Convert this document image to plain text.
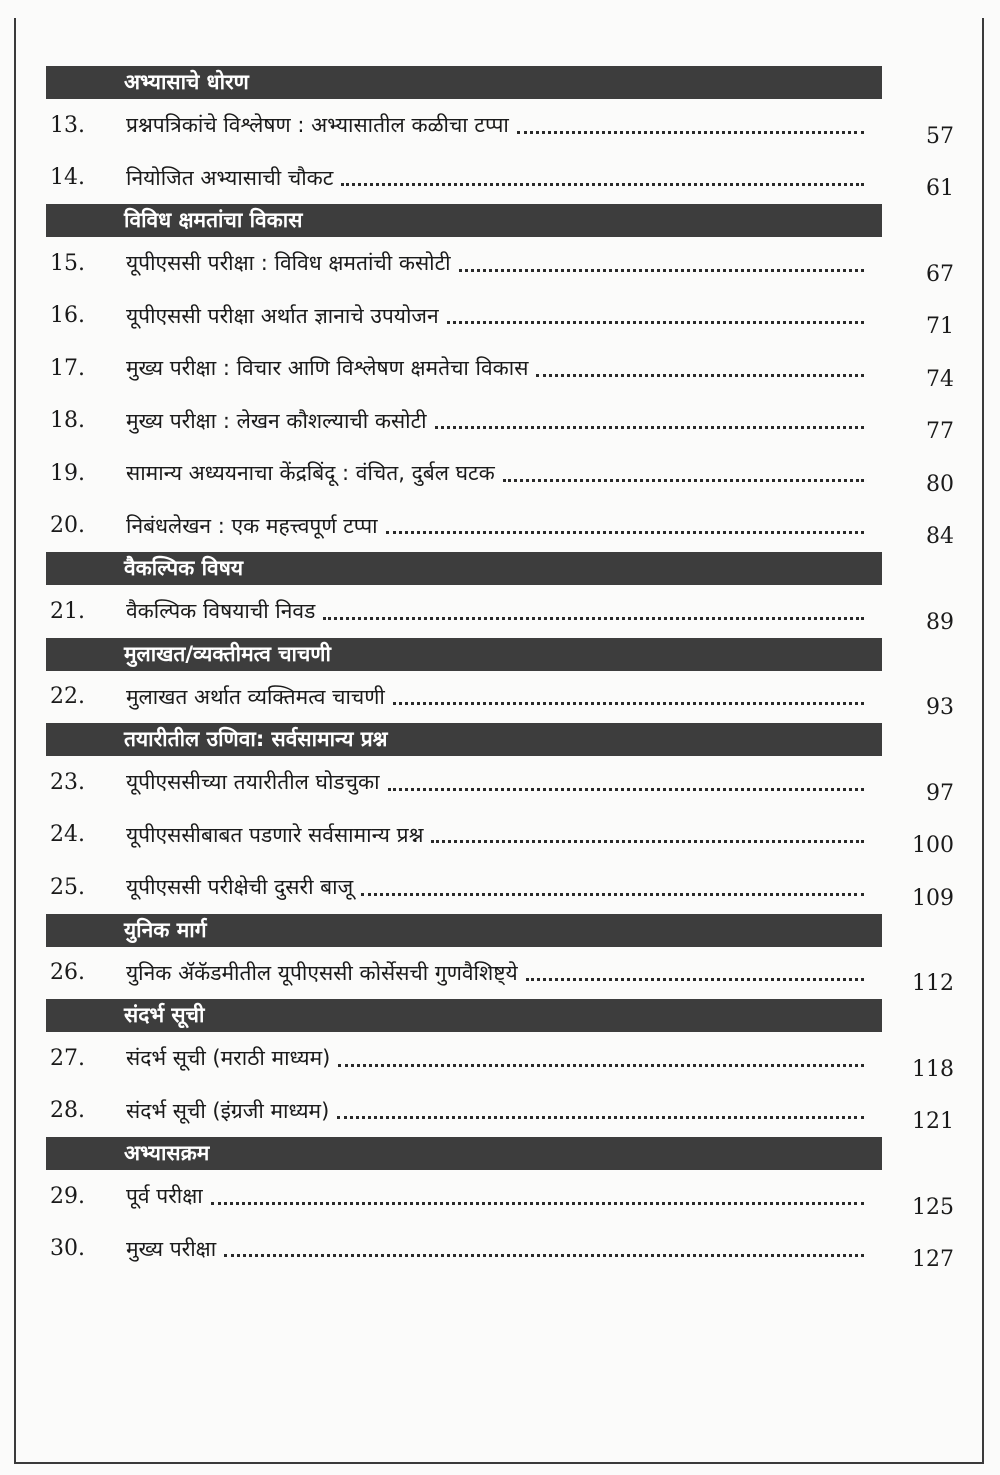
अभ्यासाचे धोरण
13.	प्रश्नपत्रिकांचे विश्लेषण : अभ्यासातील कळीचा टप्पा	57
14.	नियोजित अभ्यासाची चौकट	61
विविध क्षमतांचा विकास
15.	यूपीएससी परीक्षा : विविध क्षमतांची कसोटी	67
16.	यूपीएससी परीक्षा अर्थात ज्ञानाचे उपयोजन	71
17.	मुख्य परीक्षा : विचार आणि विश्लेषण क्षमतेचा विकास	74
18.	मुख्य परीक्षा : लेखन कौशल्याची कसोटी	77
19.	सामान्य अध्ययनाचा केंद्रबिंदू : वंचित, दुर्बल घटक	80
20.	निबंधलेखन : एक महत्त्वपूर्ण टप्पा	84
वैकल्पिक विषय
21.	वैकल्पिक विषयाची निवड	89
मुलाखत/व्यक्तीमत्व चाचणी
22.	मुलाखत अर्थात व्यक्तिमत्व चाचणी	93
तयारीतील उणिवा: सर्वसामान्य प्रश्न
23.	यूपीएससीच्या तयारीतील घोडचुका	97
24.	यूपीएससीबाबत पडणारे सर्वसामान्य प्रश्न	100
25.	यूपीएससी परीक्षेची दुसरी बाजू	109
युनिक मार्ग
26.	युनिक ॲकॅडमीतील यूपीएससी कोर्सेसची गुणवैशिष्ट्ये	112
संदर्भ सूची
27.	संदर्भ सूची (मराठी माध्यम)	118
28.	संदर्भ सूची (इंग्रजी माध्यम)	121
अभ्यासक्रम
29.	पूर्व परीक्षा	125
30.	मुख्य परीक्षा	127
